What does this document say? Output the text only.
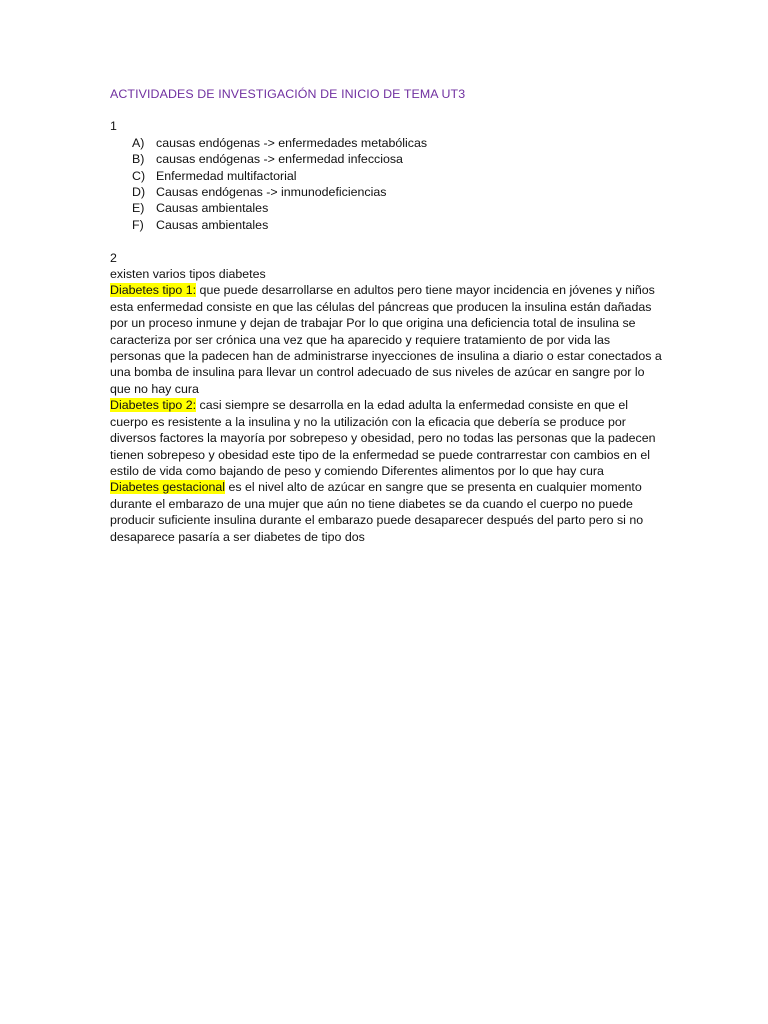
ACTIVIDADES DE INVESTIGACIÓN DE INICIO DE TEMA UT3

1

A) causas endógenas -> enfermedades metabólicas
B) causas endógenas -> enfermedad infecciosa
C) Enfermedad multifactorial
D) Causas endógenas -> inmunodeficiencias
E) Causas ambientales
F) Causas ambientales

2

existen varios tipos diabetes

Diabetes tipo 1: que puede desarrollarse en adultos pero tiene mayor incidencia en jóvenes y niños esta enfermedad consiste en que las células del páncreas que producen la insulina están dañadas por un proceso inmune y dejan de trabajar Por lo que origina una deficiencia total de insulina se caracteriza por ser crónica una vez que ha aparecido y requiere tratamiento de por vida las personas que la padecen han de administrarse inyecciones de insulina a diario o estar conectados a una bomba de insulina para llevar un control adecuado de sus niveles de azúcar en sangre por lo que no hay cura

Diabetes tipo 2: casi siempre se desarrolla en la edad adulta la enfermedad consiste en que el cuerpo es resistente a la insulina y no la utilización con la eficacia que debería se produce por diversos factores la mayoría por sobrepeso y obesidad, pero no todas las personas que la padecen tienen sobrepeso y obesidad este tipo de la enfermedad se puede contrarrestar con cambios en el estilo de vida como bajando de peso y comiendo Diferentes alimentos por lo que hay cura

Diabetes gestacional es el nivel alto de azúcar en sangre que se presenta en cualquier momento durante el embarazo de una mujer que aún no tiene diabetes se da cuando el cuerpo no puede producir suficiente insulina durante el embarazo puede desaparecer después del parto pero si no desaparece pasaría a ser diabetes de tipo dos
